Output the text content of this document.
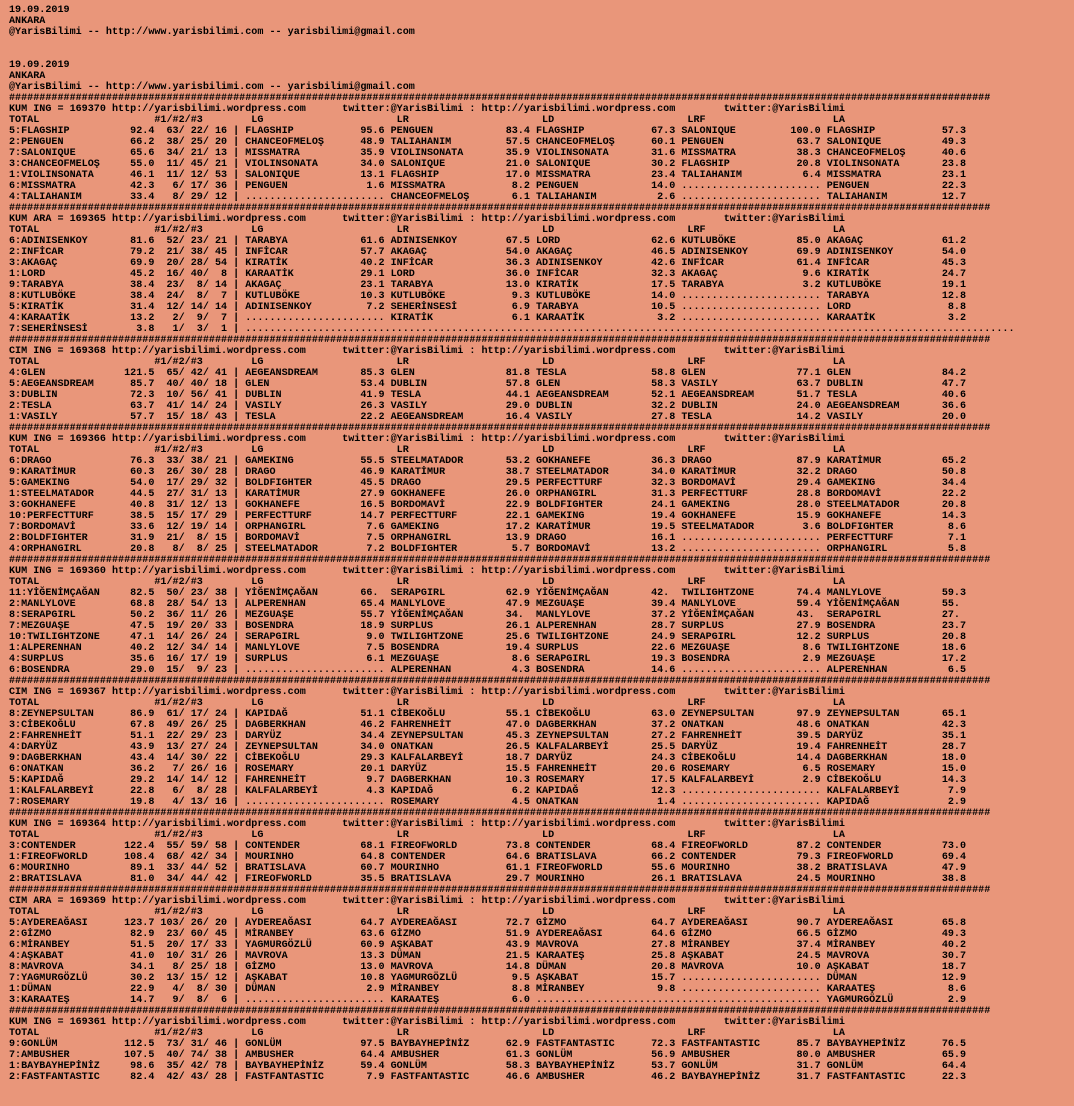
19.09.2019
ANKARA
@YarisBilimi -- http://www.yarisbilimi.com -- yarisbilimi@gmail.com

19.09.2019
ANKARA
@YarisBilimi -- http://www.yarisbilimi.com -- yarisbilimi@gmail.com
##################################################################################################################################################################
KUM ING = 169370 http://yarisbilimi.wordpress.com      twitter:@YarisBilimi : http://yarisbilimi.wordpress.com        twitter:@YarisBilimi
TOTAL                   #1/#2/#3        LG                      LR                      LD                      LRF                     LA
5:FLAGSHIP          92.4  63/ 22/ 16 | FLAGSHIP           95.6 PENGUEN            83.4 FLAGSHIP           67.3 SALONIQUE         100.0 FLAGSHIP           57.3
2:PENGUEN           66.2  38/ 25/ 20 | CHANCEOFMELOŞ      48.9 TALIAHANIM         57.5 CHANCEOFMELOŞ      60.1 PENGUEN            63.7 SALONIQUE          49.3
7:SALONIQUE         65.6  34/ 21/ 13 | MISSMATRA          35.9 VIOLINSONATA       35.9 VIOLINSONATA       31.6 MISSMATRA          38.3 CHANCEOFMELOŞ      40.6
3:CHANCEOFMELOŞ     55.0  11/ 45/ 21 | VIOLINSONATA       34.0 SALONIQUE          21.0 SALONIQUE          30.2 FLAGSHIP           20.8 VIOLINSONATA       23.8
1:VIOLINSONATA      46.1  11/ 12/ 53 | SALONIQUE          13.1 FLAGSHIP           17.0 MISSMATRA          23.4 TALIAHANIM          6.4 MISSMATRA          23.1
6:MISSMATRA         42.3   6/ 17/ 36 | PENGUEN             1.6 MISSMATRA           8.2 PENGUEN            14.0 ....................... PENGUEN            22.3
4:TALIAHANIM        33.4   8/ 29/ 12 | ....................... CHANCEOFMELOŞ       6.1 TALIAHANIM          2.6 ....................... TALIAHANIM         12.7
##################################################################################################################################################################
KUM ARA = 169365 http://yarisbilimi.wordpress.com      twitter:@YarisBilimi : http://yarisbilimi.wordpress.com        twitter:@YarisBilimi
TOTAL                   #1/#2/#3        LG                      LR                      LD                      LRF                     LA
6:ADINISENKOY       81.6  52/ 23/ 21 | TARABYA            61.6 ADINISENKOY        67.5 LORD               62.6 KUTLUBÖKE          85.0 AKAGAÇ             61.2
2:INFİCAR           79.2  21/ 38/ 45 | INFİCAR            57.7 AKAGAÇ             54.0 AKAGAÇ             46.5 ADINISENKOY        69.9 ADINISENKOY        54.0
3:AKAGAÇ            69.9  20/ 28/ 54 | KIRATİK            40.2 INFİCAR            36.3 ADINISENKOY        42.6 INFİCAR            61.4 INFİCAR            45.3
1:LORD              45.2  16/ 40/  8 | KARAATİK           29.1 LORD               36.0 INFİCAR            32.3 AKAGAÇ              9.6 KIRATİK            24.7
9:TARABYA           38.4  23/  8/ 14 | AKAGAÇ             23.1 TARABYA            13.0 KIRATİK            17.5 TARABYA             3.2 KUTLUBÖKE          19.1
8:KUTLUBÖKE         38.4  24/  8/  7 | KUTLUBÖKE          10.3 KUTLUBÖKE           9.3 KUTLUBÖKE          14.0 ....................... TARABYA            12.8
5:KIRATİK           31.4  12/ 14/ 14 | ADINISENKOY         7.2 SEHERİNSESİ         6.9 TARABYA            10.5 ....................... LORD                8.8
4:KARAATİK          13.2   2/  9/  7 | ....................... KIRATİK             6.1 KARAATİK            3.2 ....................... KARAATİK            3.2
7:SEHERİNSESİ        3.8   1/  3/  1 | ...............................................................................................................................
##################################################################################################################################################################
CIM ING = 169368 http://yarisbilimi.wordpress.com      twitter:@YarisBilimi : http://yarisbilimi.wordpress.com        twitter:@YarisBilimi
TOTAL                   #1/#2/#3        LG                      LR                      LD                      LRF                     LA
4:GLEN             121.5  65/ 42/ 41 | AEGEANSDREAM       85.3 GLEN               81.8 TESLA              58.8 GLEN               77.1 GLEN               84.2
5:AEGEANSDREAM      85.7  40/ 40/ 18 | GLEN               53.4 DUBLIN             57.8 GLEN               58.3 VASILY             63.7 DUBLIN             47.7
3:DUBLIN            72.3  10/ 56/ 41 | DUBLIN             41.9 TESLA              44.1 AEGEANSDREAM       52.1 AEGEANSDREAM       51.7 TESLA              40.6
2:TESLA             63.7  41/ 14/ 24 | VASILY             26.3 VASILY             29.0 DUBLIN             32.2 DUBLIN             24.0 AEGEANSDREAM       36.6
1:VASILY            57.7  15/ 18/ 43 | TESLA              22.2 AEGEANSDREAM       16.4 VASILY             27.8 TESLA              14.2 VASILY             20.0
##################################################################################################################################################################
KUM ING = 169366 http://yarisbilimi.wordpress.com      twitter:@YarisBilimi : http://yarisbilimi.wordpress.com        twitter:@YarisBilimi
TOTAL                   #1/#2/#3        LG                      LR                      LD                      LRF                     LA
6:DRAGO             76.3  33/ 38/ 21 | GAMEKING           55.5 STEELMATADOR       53.2 GOKHANEFE          36.3 DRAGO              87.9 KARATİMUR          65.2
9:KARATİMUR         60.3  26/ 30/ 28 | DRAGO              46.9 KARATİMUR          38.7 STEELMATADOR       34.0 KARATİMUR          32.2 DRAGO              50.8
5:GAMEKING          54.0  17/ 29/ 32 | BOLDFIGHTER        45.5 DRAGO              29.5 PERFECTTURF        32.3 BORDOMAVİ          29.4 GAMEKING           34.4
1:STEELMATADOR      44.5  27/ 31/ 13 | KARATİMUR          27.9 GOKHANEFE          26.0 ORPHANGIRL         31.3 PERFECTTURF        28.8 BORDOMAVİ          22.2
3:GOKHANEFE         40.8  31/ 12/ 13 | GOKHANEFE          16.5 BORDOMAVİ          22.9 BOLDFIGHTER        24.1 GAMEKING           28.0 STEELMATADOR       20.8
10:PERFECTTURF      38.5  15/ 17/ 29 | PERFECTTURF        14.7 PERFECTTURF        22.1 GAMEKING           19.4 GOKHANEFE          15.9 GOKHANEFE          14.3
7:BORDOMAVİ         33.6  12/ 19/ 14 | ORPHANGIRL          7.6 GAMEKING           17.2 KARATİMUR          19.5 STEELMATADOR        3.6 BOLDFIGHTER         8.6
2:BOLDFIGHTER       31.9  21/  8/ 15 | BORDOMAVİ           7.5 ORPHANGIRL         13.9 DRAGO              16.1 ....................... PERFECTTURF         7.1
4:ORPHANGIRL        20.8   8/  8/ 25 | STEELMATADOR        7.2 BOLDFIGHTER         5.7 BORDOMAVİ          13.2 ....................... ORPHANGIRL          5.8
##################################################################################################################################################################
KUM ING = 169360 http://yarisbilimi.wordpress.com      twitter:@YarisBilimi : http://yarisbilimi.wordpress.com        twitter:@YarisBilimi
TOTAL                   #1/#2/#3        LG                      LR                      LD                      LRF                     LA
11:YİĞENİMÇAĞAN     82.5  50/ 23/ 38 | YİĞENİMÇAĞAN       66.  SERAPGIRL          62.9 YİĞENİMÇAĞAN       42.  TWILIGHTZONE       74.4 MANLYLOVE          59.3
2:MANLYLOVE         68.8  28/ 54/ 13 | ALPERENHAN         65.4 MANLYLOVE          47.9 MEZGUAŞE           39.4 MANLYLOVE          59.4 YİĞENİMÇAĞAN       55.
8:SERAPGIRL         50.2  36/ 11/ 26 | MEZGUAŞE           55.7 YİĞENİMÇAĞAN       34.  MANLYLOVE          37.2 YİĞENİMÇAĞAN       43.  SERAPGIRL          27.
7:MEZGUAŞE          47.5  19/ 20/ 33 | BOSENDRA           18.9 SURPLUS            26.1 ALPERENHAN         28.7 SURPLUS            27.9 BOSENDRA           23.7
10:TWILIGHTZONE     47.1  14/ 26/ 24 | SERAPGIRL           9.0 TWILIGHTZONE       25.6 TWILIGHTZONE       24.9 SERAPGIRL          12.2 SURPLUS            20.8
1:ALPERENHAN        40.2  12/ 34/ 14 | MANLYLOVE           7.5 BOSENDRA           19.4 SURPLUS            22.6 MEZGUAŞE            8.6 TWILIGHTZONE       18.6
4:SURPLUS           35.6  16/ 17/ 19 | SURPLUS             6.1 MEZGUAŞE            8.6 SERAPGIRL          19.3 BOSENDRA            2.9 MEZGUAŞE           17.2
6:BOSENDRA          29.0  15/  9/ 23 | ....................... ALPERENHAN          4.3 BOSENDRA           14.6 ....................... ALPERENHAN          6.5
##################################################################################################################################################################
CIM ING = 169367 http://yarisbilimi.wordpress.com      twitter:@YarisBilimi : http://yarisbilimi.wordpress.com        twitter:@YarisBilimi
TOTAL                   #1/#2/#3        LG                      LR                      LD                      LRF                     LA
8:ZEYNEPSULTAN      86.9  61/ 17/ 24 | KAPIDAĞ            51.1 CİBEKOĞLU          55.1 CİBEKOĞLU          63.0 ZEYNEPSULTAN       97.9 ZEYNEPSULTAN       65.1
3:CİBEKOĞLU         67.8  49/ 26/ 25 | DAGBERKHAN         46.2 FAHRENHEİT         47.0 DAGBERKHAN         37.2 ONATKAN            48.6 ONATKAN            42.3
2:FAHRENHEİT        51.1  22/ 29/ 23 | DARYÜZ             34.4 ZEYNEPSULTAN       45.3 ZEYNEPSULTAN       27.2 FAHRENHEİT         39.5 DARYÜZ             35.1
4:DARYÜZ            43.9  13/ 27/ 24 | ZEYNEPSULTAN       34.0 ONATKAN            26.5 KALFALARBEYİ       25.5 DARYÜZ             19.4 FAHRENHEİT         28.7
9:DAGBERKHAN        43.4  14/ 30/ 22 | CİBEKOĞLU          29.3 KALFALARBEYİ       18.7 DARYÜZ             24.3 CİBEKOĞLU          14.4 DAGBERKHAN         18.0
6:ONATKAN           36.2   7/ 26/ 16 | ROSEMARY           20.1 DARYÜZ             15.5 FAHRENHEİT         20.6 ROSEMARY            6.5 ROSEMARY           15.0
5:KAPIDAĞ           29.2  14/ 14/ 12 | FAHRENHEİT          9.7 DAGBERKHAN         10.3 ROSEMARY           17.5 KALFALARBEYİ        2.9 CİBEKOĞLU          14.3
1:KALFALARBEYİ      22.8   6/  8/ 28 | KALFALARBEYİ        4.3 KAPIDAĞ             6.2 KAPIDAĞ            12.3 ....................... KALFALARBEYİ        7.9
7:ROSEMARY          19.8   4/ 13/ 16 | ....................... ROSEMARY            4.5 ONATKAN             1.4 ....................... KAPIDAĞ             2.9
##################################################################################################################################################################
KUM ING = 169364 http://yarisbilimi.wordpress.com      twitter:@YarisBilimi : http://yarisbilimi.wordpress.com        twitter:@YarisBilimi
TOTAL                   #1/#2/#3        LG                      LR                      LD                      LRF                     LA
3:CONTENDER        122.4  55/ 59/ 58 | CONTENDER          68.1 FIREOFWORLD        73.8 CONTENDER          68.4 FIREOFWORLD        87.2 CONTENDER          73.0
1:FIREOFWORLD      108.4  68/ 42/ 34 | MOURINHO           64.8 CONTENDER          64.6 BRATISLAVA         66.2 CONTENDER          79.3 FIREOFWORLD        69.4
6:MOURINHO          89.1  33/ 44/ 52 | BRATISLAVA         60.7 MOURINHO           61.1 FIREOFWORLD        55.6 MOURINHO           38.2 BRATISLAVA         47.9
2:BRATISLAVA        81.0  34/ 44/ 42 | FIREOFWORLD        35.5 BRATISLAVA         29.7 MOURINHO           26.1 BRATISLAVA         24.5 MOURINHO           38.8
##################################################################################################################################################################
CIM ARA = 169369 http://yarisbilimi.wordpress.com      twitter:@YarisBilimi : http://yarisbilimi.wordpress.com        twitter:@YarisBilimi
TOTAL                   #1/#2/#3        LG                      LR                      LD                      LRF                     LA
5:AYDEREAĞASI      123.7 103/ 26/ 20 | AYDEREAĞASI        64.7 AYDEREAĞASI        72.7 GİZMO              64.7 AYDEREAĞASI        90.7 AYDEREAĞASI        65.8
2:GİZMO             82.9  23/ 60/ 45 | MİRANBEY           63.6 GİZMO              51.9 AYDEREAĞASI        64.6 GİZMO              66.5 GİZMO              49.3
6:MİRANBEY          51.5  20/ 17/ 33 | YAGMURGÖZLÜ        60.9 AŞKABAT            43.9 MAVROVA            27.8 MİRANBEY           37.4 MİRANBEY           40.2
4:AŞKABAT           41.0  10/ 31/ 26 | MAVROVA            13.3 DÜMAN              21.5 KARAATEŞ           25.8 AŞKABAT            24.5 MAVROVA            30.7
8:MAVROVA           34.1   8/ 25/ 18 | GİZMO              13.0 MAVROVA            14.8 DÜMAN              20.8 MAVROVA            10.0 AŞKABAT            18.7
7:YAGMURGÖZLÜ       30.2  13/ 15/ 12 | AŞKABAT            10.8 YAGMURGÖZLÜ         9.5 AŞKABAT            15.7 ....................... DÜMAN              12.9
1:DÜMAN             22.9   4/  8/ 30 | DÜMAN               2.9 MİRANBEY            8.8 MİRANBEY            9.8 ....................... KARAATEŞ            8.6
3:KARAATEŞ          14.7   9/  8/  6 | ....................... KARAATEŞ            6.0 ............................................... YAGMURGÖZLÜ         2.9
##################################################################################################################################################################
KUM ING = 169361 http://yarisbilimi.wordpress.com      twitter:@YarisBilimi : http://yarisbilimi.wordpress.com        twitter:@YarisBilimi
TOTAL                   #1/#2/#3        LG                      LR                      LD                      LRF                     LA
9:GONLÜM           112.5  73/ 31/ 46 | GONLÜM             97.5 BAYBAYHEPİNİZ      62.9 FASTFANTASTIC      72.3 FASTFANTASTIC      85.7 BAYBAYHEPİNİZ      76.5
7:AMBUSHER         107.5  40/ 74/ 38 | AMBUSHER           64.4 AMBUSHER           61.3 GONLÜM             56.9 AMBUSHER           80.0 AMBUSHER           65.9
1:BAYBAYHEPİNİZ     98.6  35/ 42/ 78 | BAYBAYHEPİNİZ      59.4 GONLÜM             58.3 BAYBAYHEPİNİZ      53.7 GONLÜM             31.7 GONLÜM             64.4
2:FASTFANTASTIC     82.4  42/ 43/ 28 | FASTFANTASTIC       7.9 FASTFANTASTIC      46.6 AMBUSHER           46.2 BAYBAYHEPİNİZ      31.7 FASTFANTASTIC      22.3
